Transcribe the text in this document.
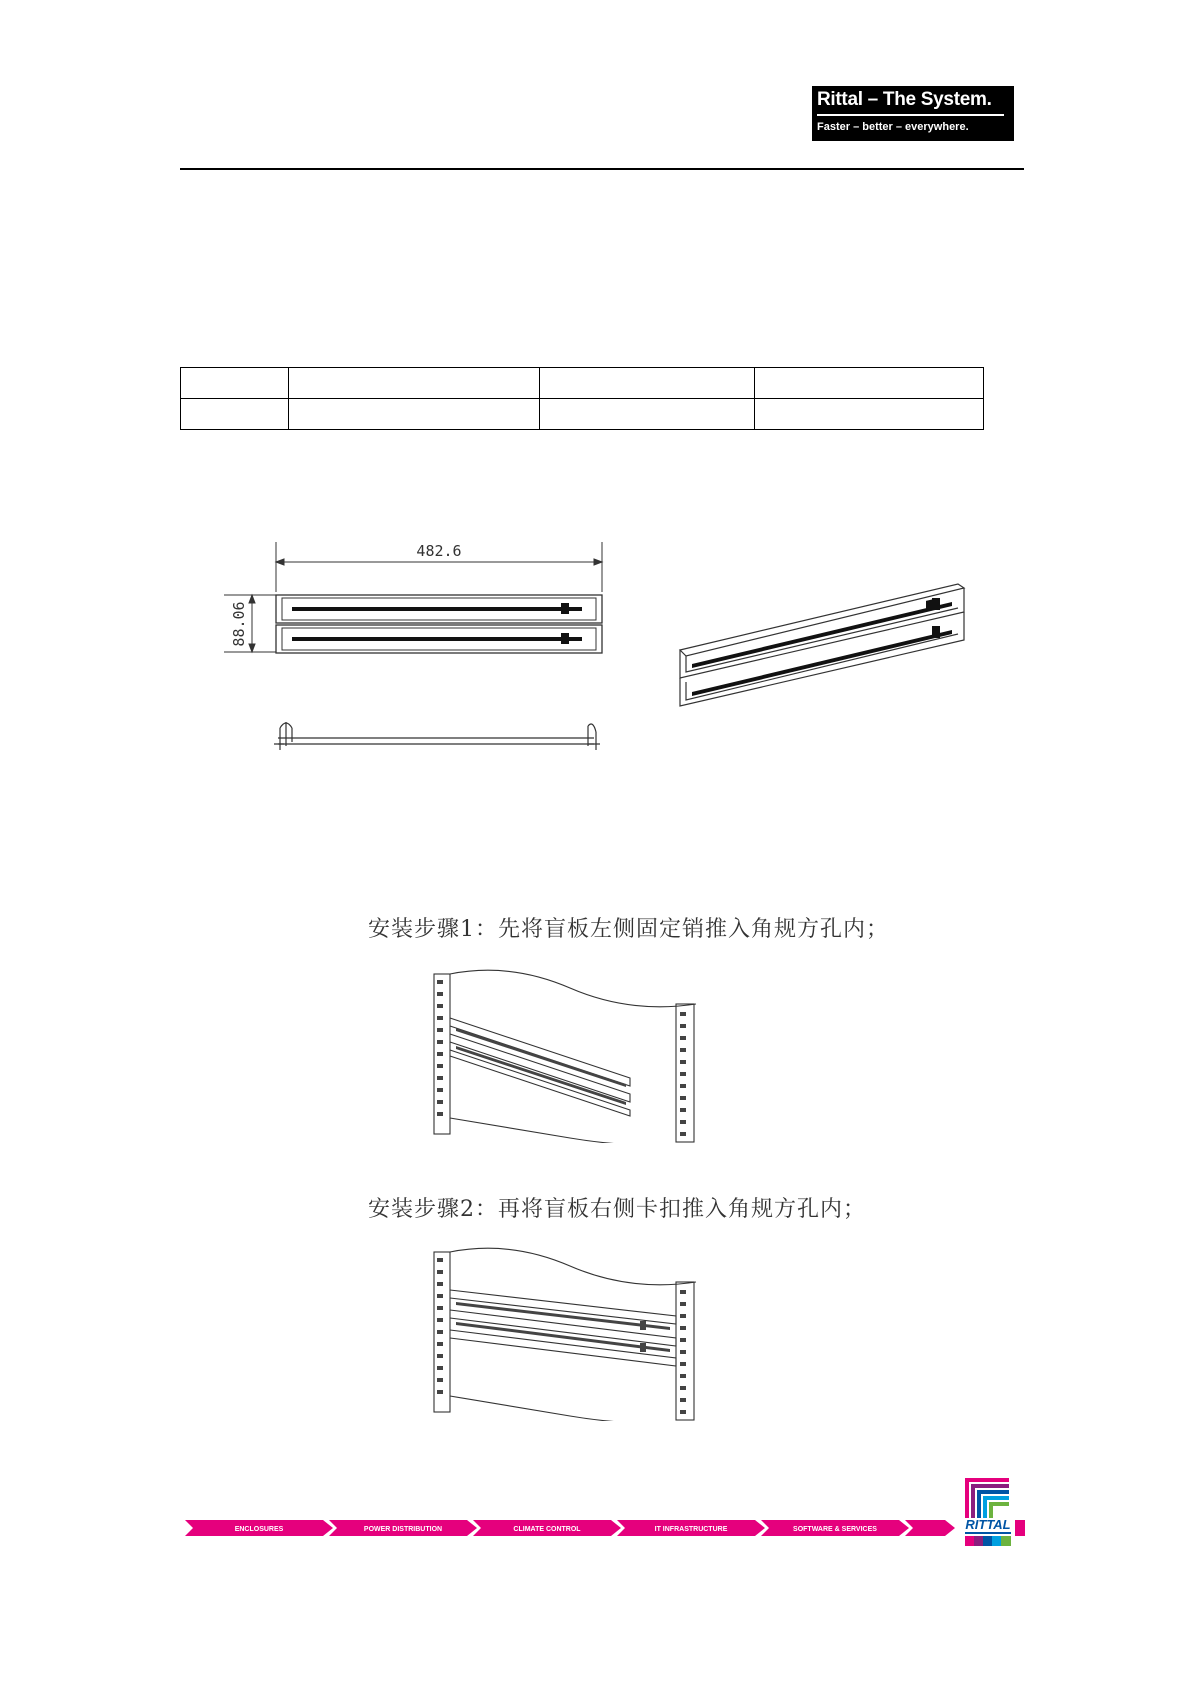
Rittal – The System.
Faster – better – everywhere.

482.6
88.06
安装步骤1：先将盲板左侧固定销推入角规方孔内；
安装步骤2：再将盲板右侧卡扣推入角规方孔内；
ENCLOSURES	POWER DISTRIBUTION	CLIMATE CONTROL	IT INFRASTRUCTURE	SOFTWARE & SERVICES	RITTAL
